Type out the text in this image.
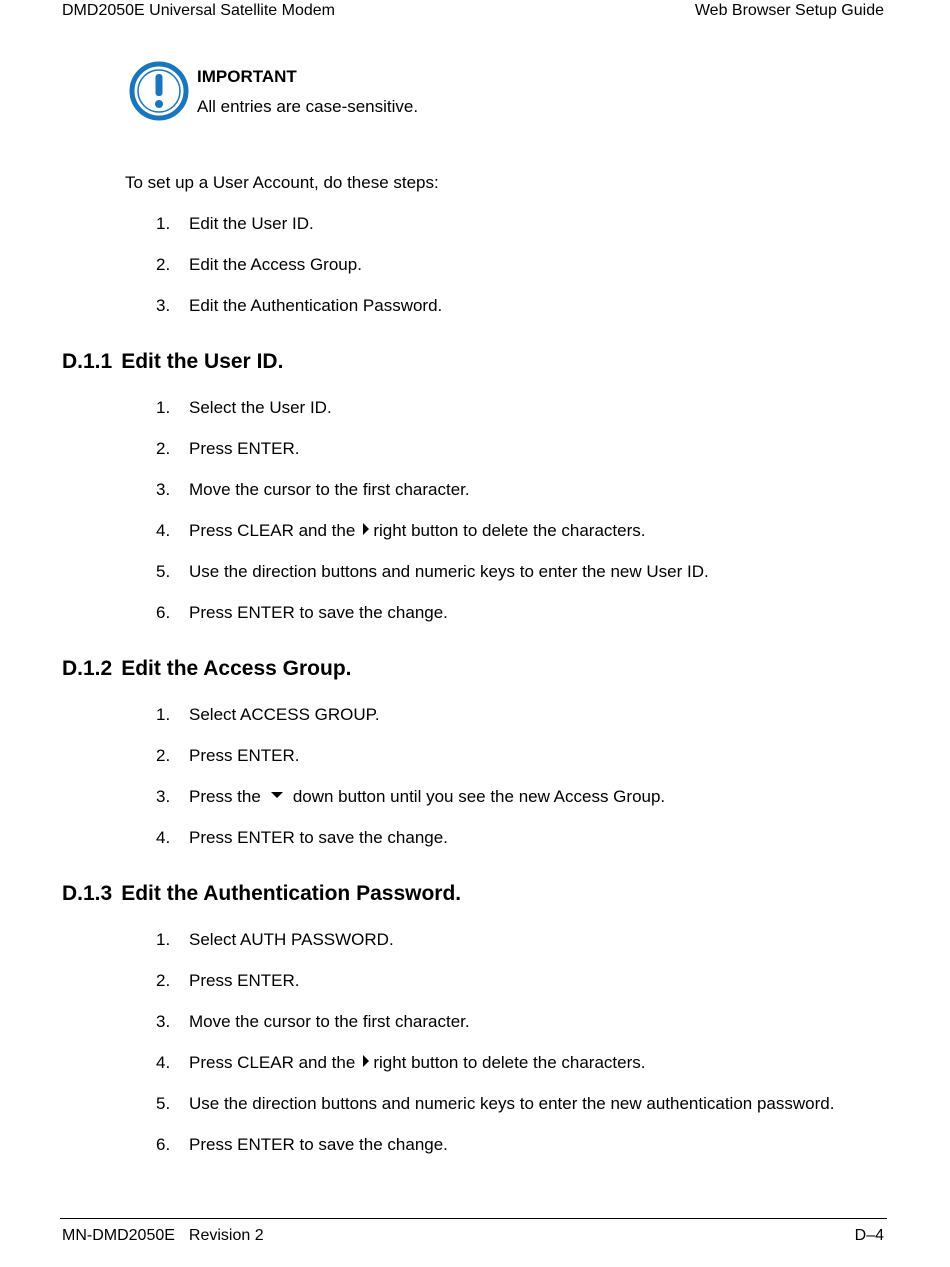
DMD2050E Universal Satellite Modem	Web Browser Setup Guide
IMPORTANT
All entries are case-sensitive.
To set up a User Account, do these steps:
1.	Edit the User ID.
2.	Edit the Access Group.
3.	Edit the Authentication Password.
D.1.1 Edit the User ID.
1.	Select the User ID.
2.	Press ENTER.
3.	Move the cursor to the first character.
4.	Press CLEAR and the right button to delete the characters.
5.	Use the direction buttons and numeric keys to enter the new User ID.
6.	Press ENTER to save the change.
D.1.2 Edit the Access Group.
1.	Select ACCESS GROUP.
2.	Press ENTER.
3.	Press the down button until you see the new Access Group.
4.	Press ENTER to save the change.
D.1.3 Edit the Authentication Password.
1.	Select AUTH PASSWORD.
2.	Press ENTER.
3.	Move the cursor to the first character.
4.	Press CLEAR and the right button to delete the characters.
5.	Use the direction buttons and numeric keys to enter the new authentication password.
6.	Press ENTER to save the change.
MN-DMD2050E Revision 2	D–4
